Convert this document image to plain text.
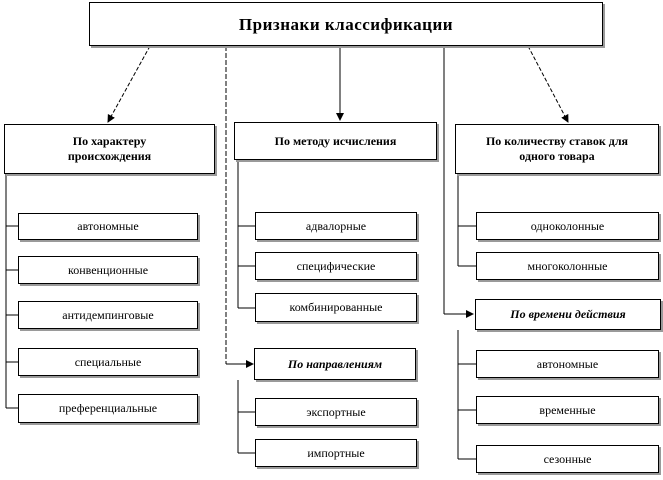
Признаки классификации
По характеру происхождения
По методу исчисления	По количеству ставок для одного товара
По направлениям
По времени действия
автономные
конвенционные
антидемпинговые
специальные
преференциальные
адвалорные
специфические
комбинированные
одноколонные
многоколонные
экспортные
импортные
автономные
временные
сезонные
